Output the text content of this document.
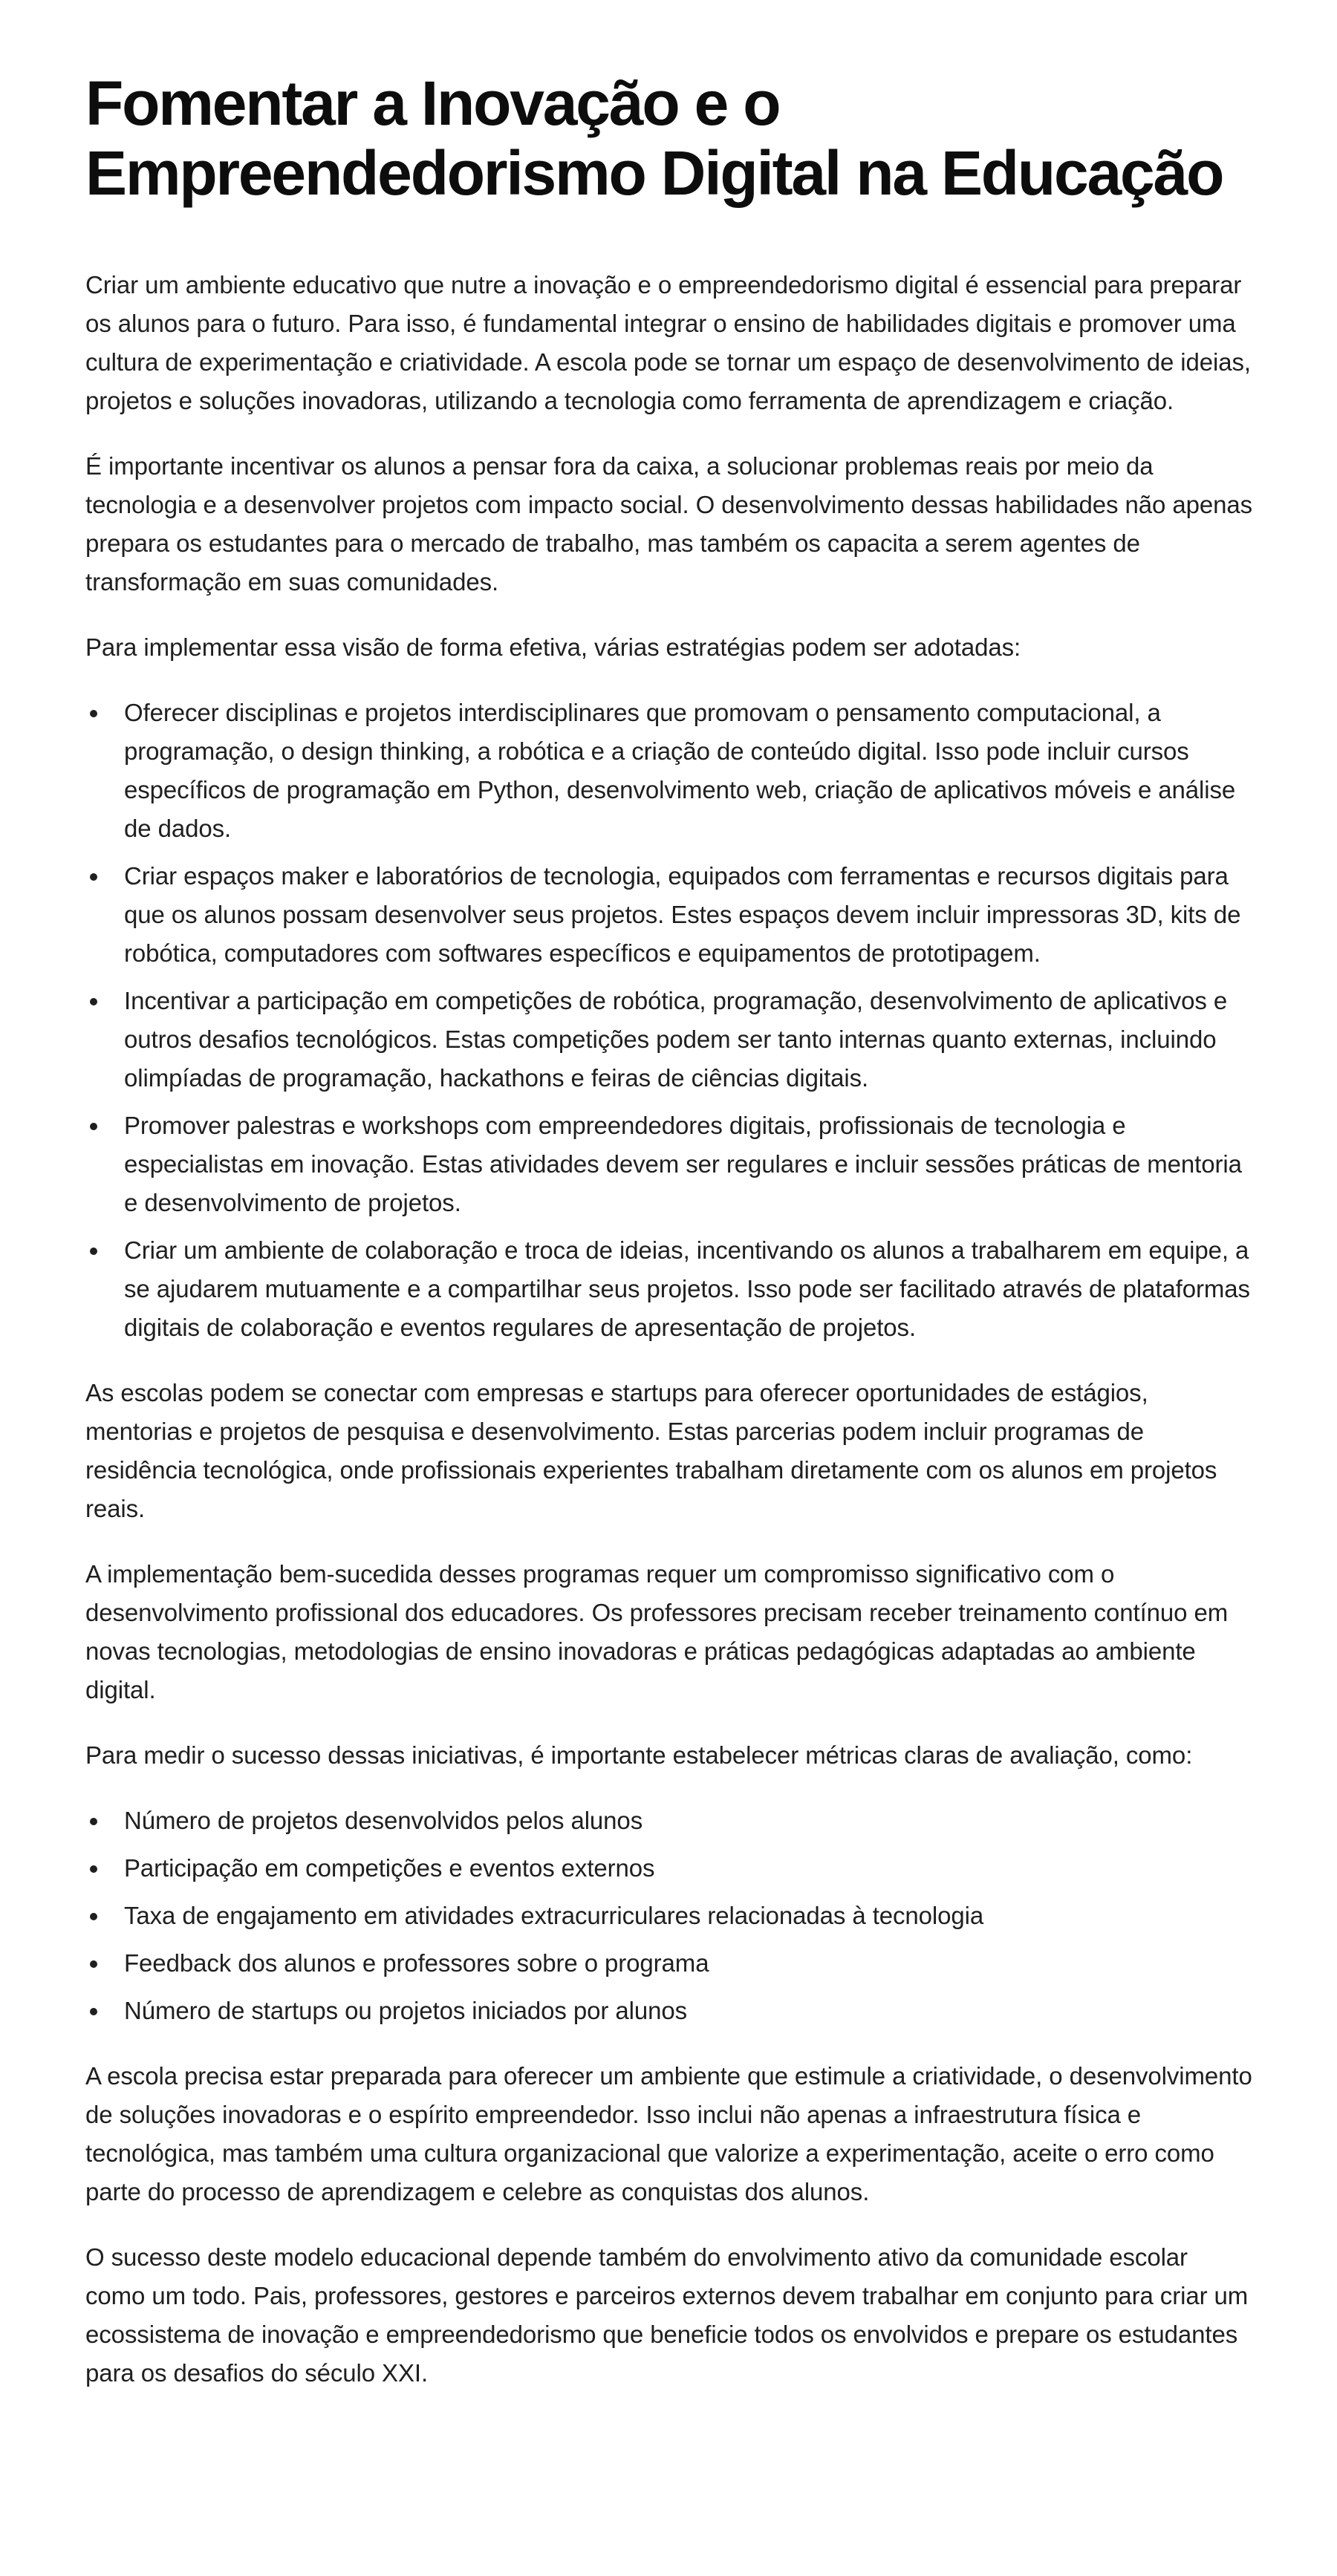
Fomentar a Inovação e o Empreendedorismo Digital na Educação

Criar um ambiente educativo que nutre a inovação e o empreendedorismo digital é essencial para preparar os alunos para o futuro. Para isso, é fundamental integrar o ensino de habilidades digitais e promover uma cultura de experimentação e criatividade. A escola pode se tornar um espaço de desenvolvimento de ideias, projetos e soluções inovadoras, utilizando a tecnologia como ferramenta de aprendizagem e criação.

É importante incentivar os alunos a pensar fora da caixa, a solucionar problemas reais por meio da tecnologia e a desenvolver projetos com impacto social. O desenvolvimento dessas habilidades não apenas prepara os estudantes para o mercado de trabalho, mas também os capacita a serem agentes de transformação em suas comunidades.

Para implementar essa visão de forma efetiva, várias estratégias podem ser adotadas:

Oferecer disciplinas e projetos interdisciplinares que promovam o pensamento computacional, a programação, o design thinking, a robótica e a criação de conteúdo digital. Isso pode incluir cursos específicos de programação em Python, desenvolvimento web, criação de aplicativos móveis e análise de dados.
Criar espaços maker e laboratórios de tecnologia, equipados com ferramentas e recursos digitais para que os alunos possam desenvolver seus projetos. Estes espaços devem incluir impressoras 3D, kits de robótica, computadores com softwares específicos e equipamentos de prototipagem.
Incentivar a participação em competições de robótica, programação, desenvolvimento de aplicativos e outros desafios tecnológicos. Estas competições podem ser tanto internas quanto externas, incluindo olimpíadas de programação, hackathons e feiras de ciências digitais.
Promover palestras e workshops com empreendedores digitais, profissionais de tecnologia e especialistas em inovação. Estas atividades devem ser regulares e incluir sessões práticas de mentoria e desenvolvimento de projetos.
Criar um ambiente de colaboração e troca de ideias, incentivando os alunos a trabalharem em equipe, a se ajudarem mutuamente e a compartilhar seus projetos. Isso pode ser facilitado através de plataformas digitais de colaboração e eventos regulares de apresentação de projetos.

As escolas podem se conectar com empresas e startups para oferecer oportunidades de estágios, mentorias e projetos de pesquisa e desenvolvimento. Estas parcerias podem incluir programas de residência tecnológica, onde profissionais experientes trabalham diretamente com os alunos em projetos reais.

A implementação bem-sucedida desses programas requer um compromisso significativo com o desenvolvimento profissional dos educadores. Os professores precisam receber treinamento contínuo em novas tecnologias, metodologias de ensino inovadoras e práticas pedagógicas adaptadas ao ambiente digital.

Para medir o sucesso dessas iniciativas, é importante estabelecer métricas claras de avaliação, como:

Número de projetos desenvolvidos pelos alunos
Participação em competições e eventos externos
Taxa de engajamento em atividades extracurriculares relacionadas à tecnologia
Feedback dos alunos e professores sobre o programa
Número de startups ou projetos iniciados por alunos

A escola precisa estar preparada para oferecer um ambiente que estimule a criatividade, o desenvolvimento de soluções inovadoras e o espírito empreendedor. Isso inclui não apenas a infraestrutura física e tecnológica, mas também uma cultura organizacional que valorize a experimentação, aceite o erro como parte do processo de aprendizagem e celebre as conquistas dos alunos.

O sucesso deste modelo educacional depende também do envolvimento ativo da comunidade escolar como um todo. Pais, professores, gestores e parceiros externos devem trabalhar em conjunto para criar um ecossistema de inovação e empreendedorismo que beneficie todos os envolvidos e prepare os estudantes para os desafios do século XXI.
